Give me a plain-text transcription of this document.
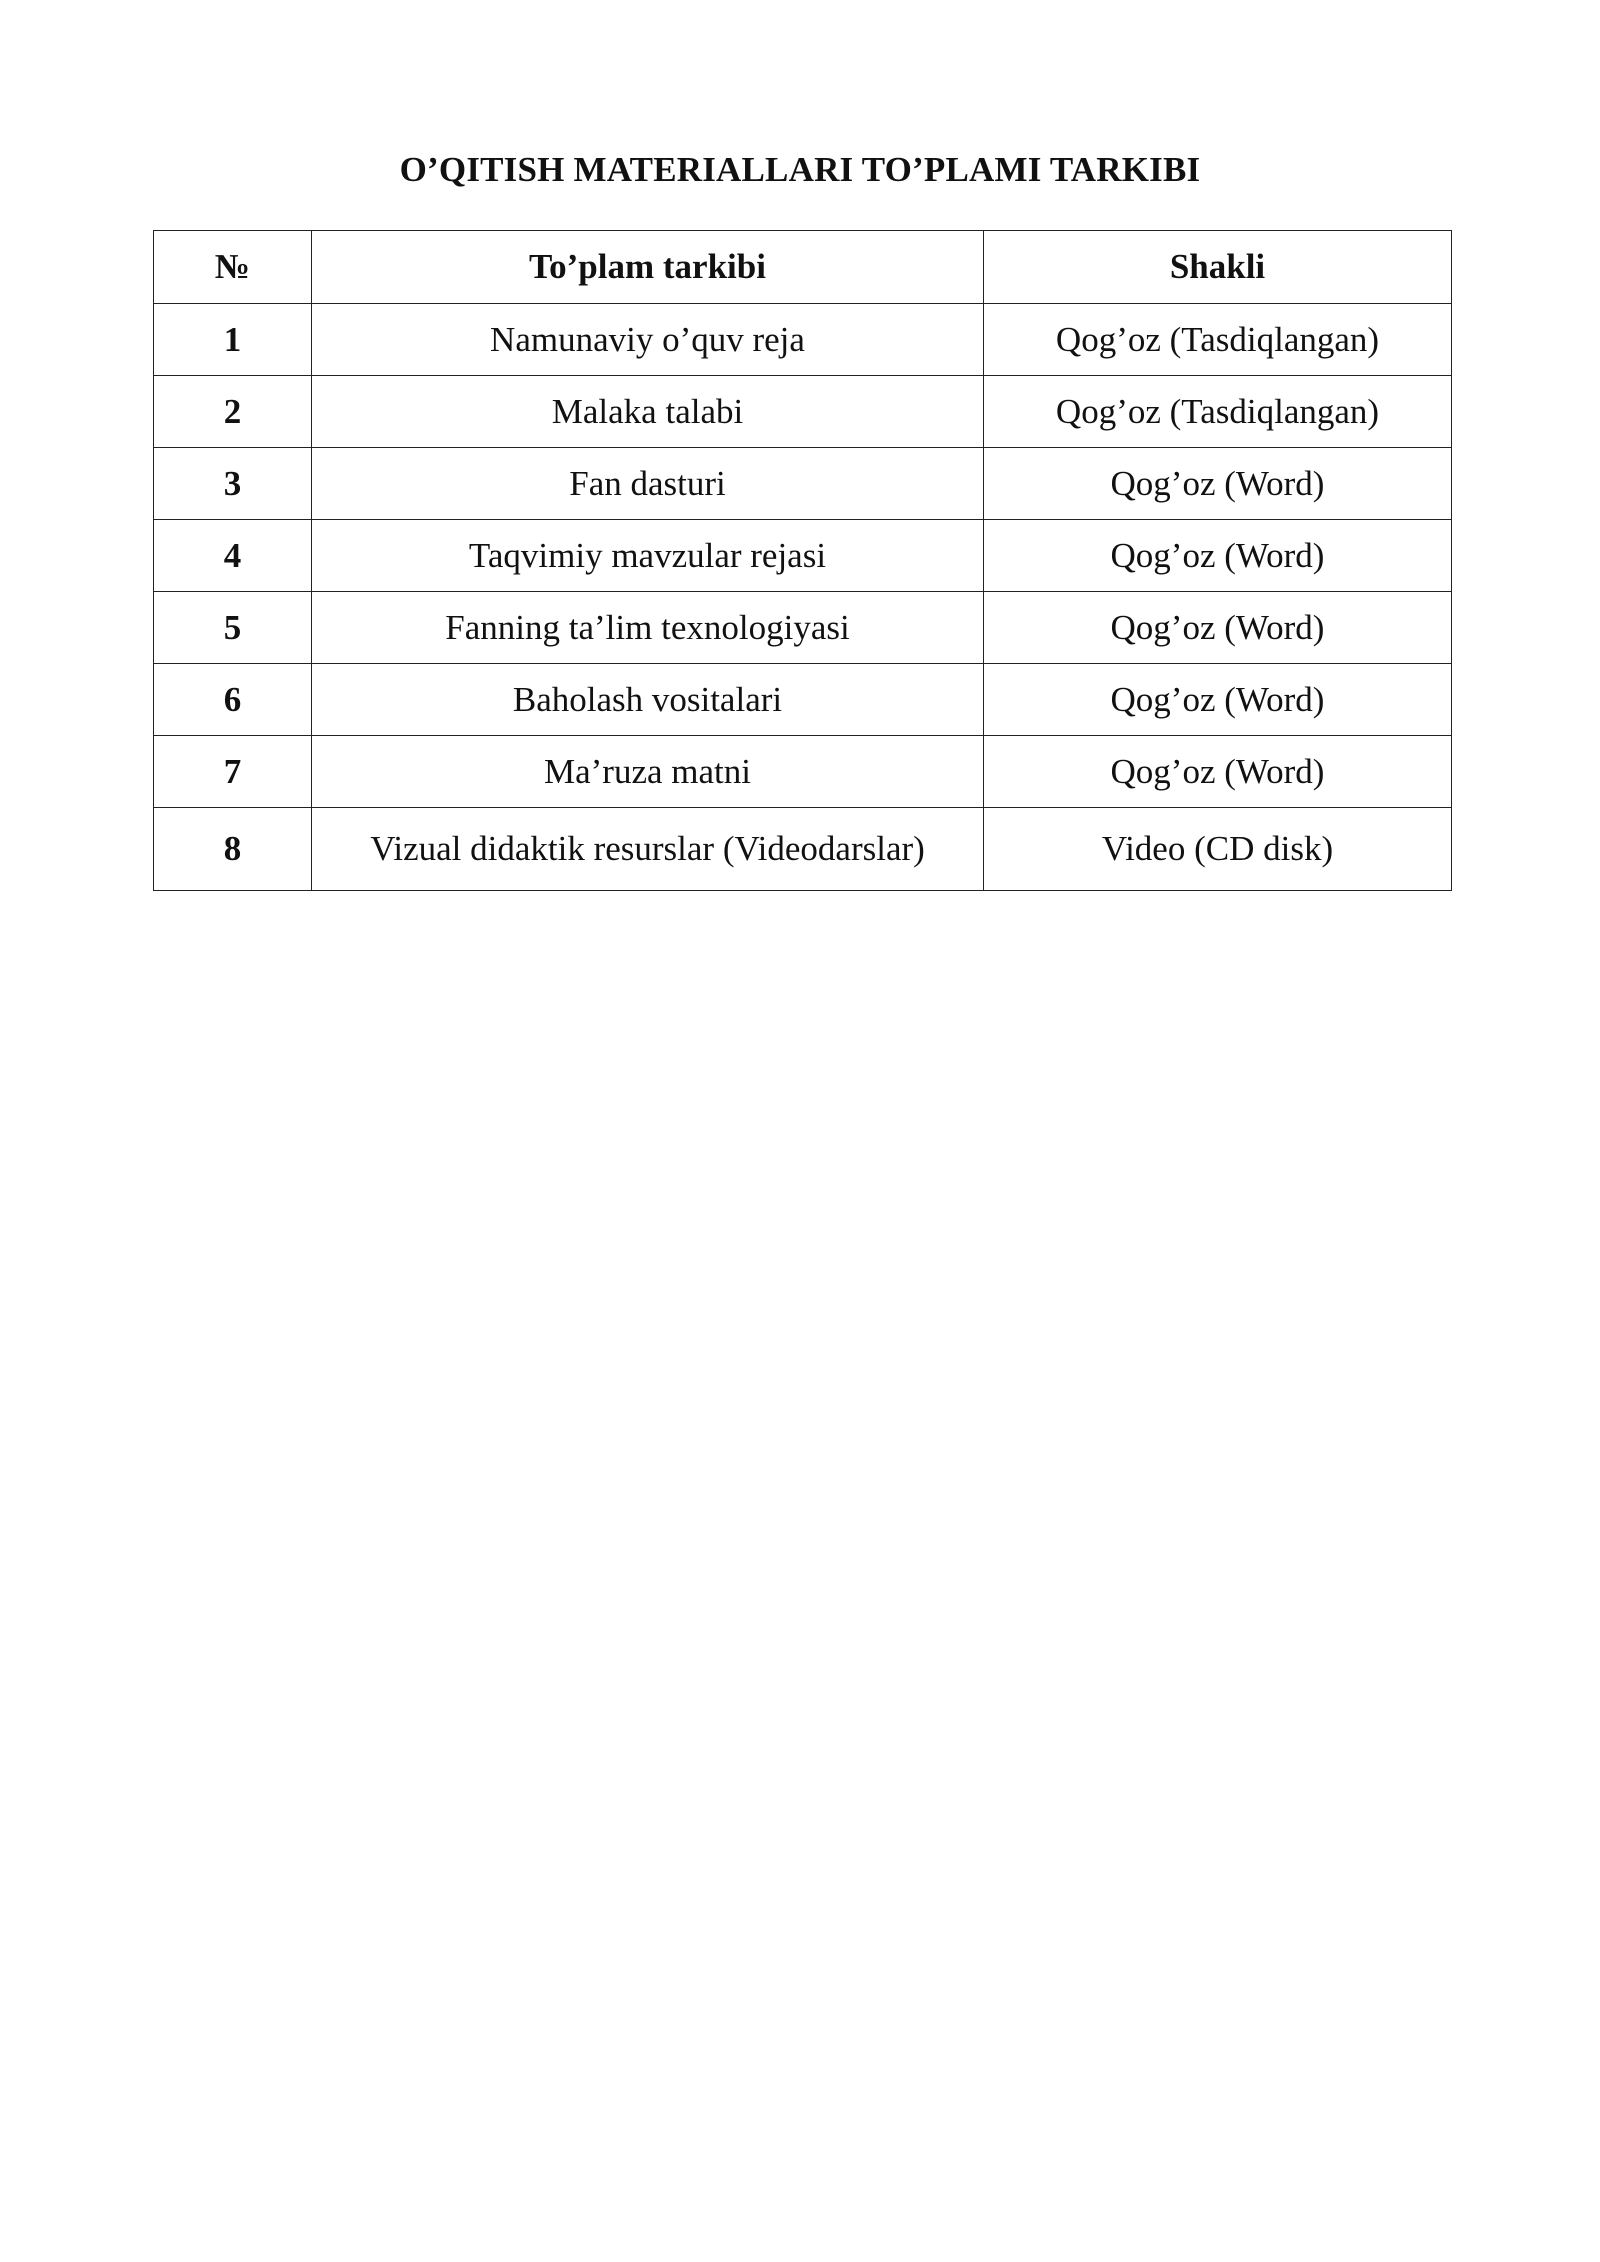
O’QITISH MATERIALLARI TO’PLAMI TARKIBI
№	To’plam tarkibi	Shakli
1	Namunaviy o’quv reja	Qog’oz (Tasdiqlangan)
2	Malaka talabi	Qog’oz (Tasdiqlangan)
3	Fan dasturi	Qog’oz (Word)
4	Taqvimiy mavzular rejasi	Qog’oz (Word)
5	Fanning ta’lim texnologiyasi	Qog’oz (Word)
6	Baholash vositalari	Qog’oz (Word)
7	Ma’ruza matni	Qog’oz (Word)
8	Vizual didaktik resurslar (Videodarslar)	Video (CD disk)
